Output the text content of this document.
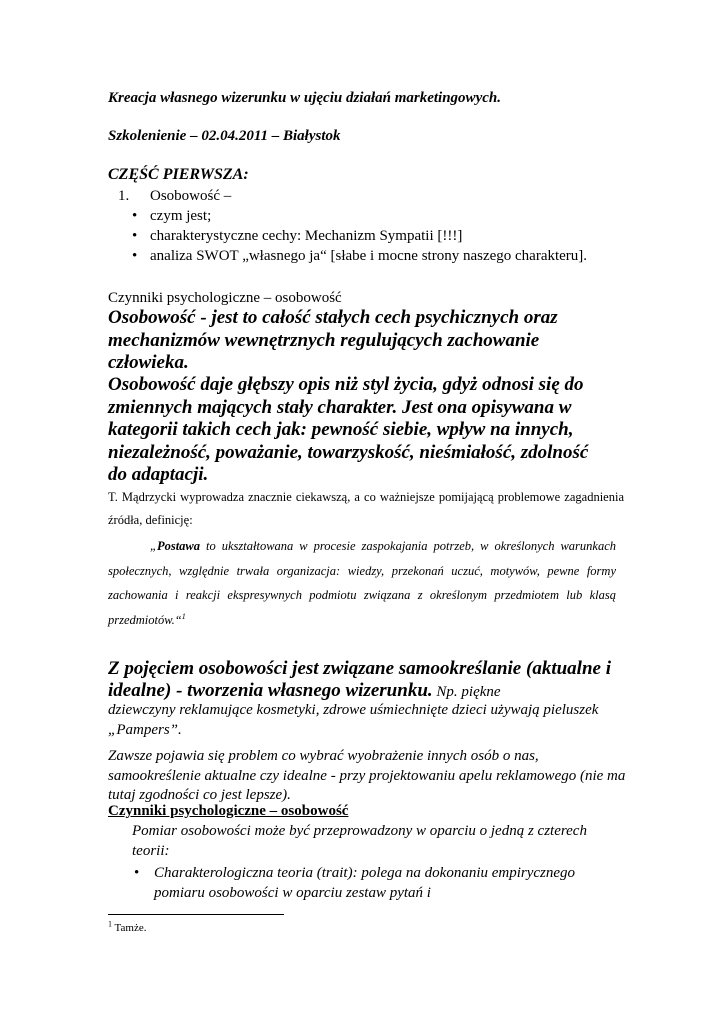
Kreacja własnego wizerunku w ujęciu działań marketingowych.
Szkolenienie – 02.04.2011 – Białystok
CZĘŚĆ PIERWSZA:
1. Osobowość –
• czym jest;
• charakterystyczne cechy: Mechanizm Sympatii [!!!]
• analiza SWOT „własnego ja“ [słabe i mocne strony naszego charakteru].
Czynniki psychologiczne – osobowość
Osobowość - jest to całość stałych cech psychicznych oraz mechanizmów wewnętrznych regulujących zachowanie człowieka.
Osobowość daje głębszy opis niż styl życia, gdyż odnosi się do zmiennych mających stały charakter. Jest ona opisywana w kategorii takich cech jak: pewność siebie, wpływ na innych, niezależność, poważanie, towarzyskość, nieśmiałość, zdolność do adaptacji.
T. Mądrzycki wyprowadza znacznie ciekawszą, a co ważniejsze pomijającą problemowe zagadnienia źródła, definicję:
„Postawa to ukształtowana w procesie zaspokajania potrzeb, w określonych warunkach społecznych, względnie trwała organizacja: wiedzy, przekonań uczuć, motywów, pewne formy zachowania i reakcji ekspresywnych podmiotu związana z określonym przedmiotem lub klasą przedmiotów.“$^1$
Z pojęciem osobowości jest związane samookreślanie (aktualne i idealne) - tworzenia własnego wizerunku. Np. piękne
dziewczyny reklamujące kosmetyki, zdrowe uśmiechnięte dzieci używają pieluszek „Pampers”.
Zawsze pojawia się problem co wybrać wyobrażenie innych osób o nas, samookreślenie aktualne czy idealne - przy projektowaniu apelu reklamowego (nie ma tutaj zgodności co jest lepsze).
Czynniki psychologiczne – osobowość
Pomiar osobowości może być przeprowadzony w oparciu o jedną z czterech teorii:
• Charakterologiczna teoria (trait): polega na dokonaniu empirycznego pomiaru osobowości w oparciu zestaw pytań i
$^1$ Tamże.
